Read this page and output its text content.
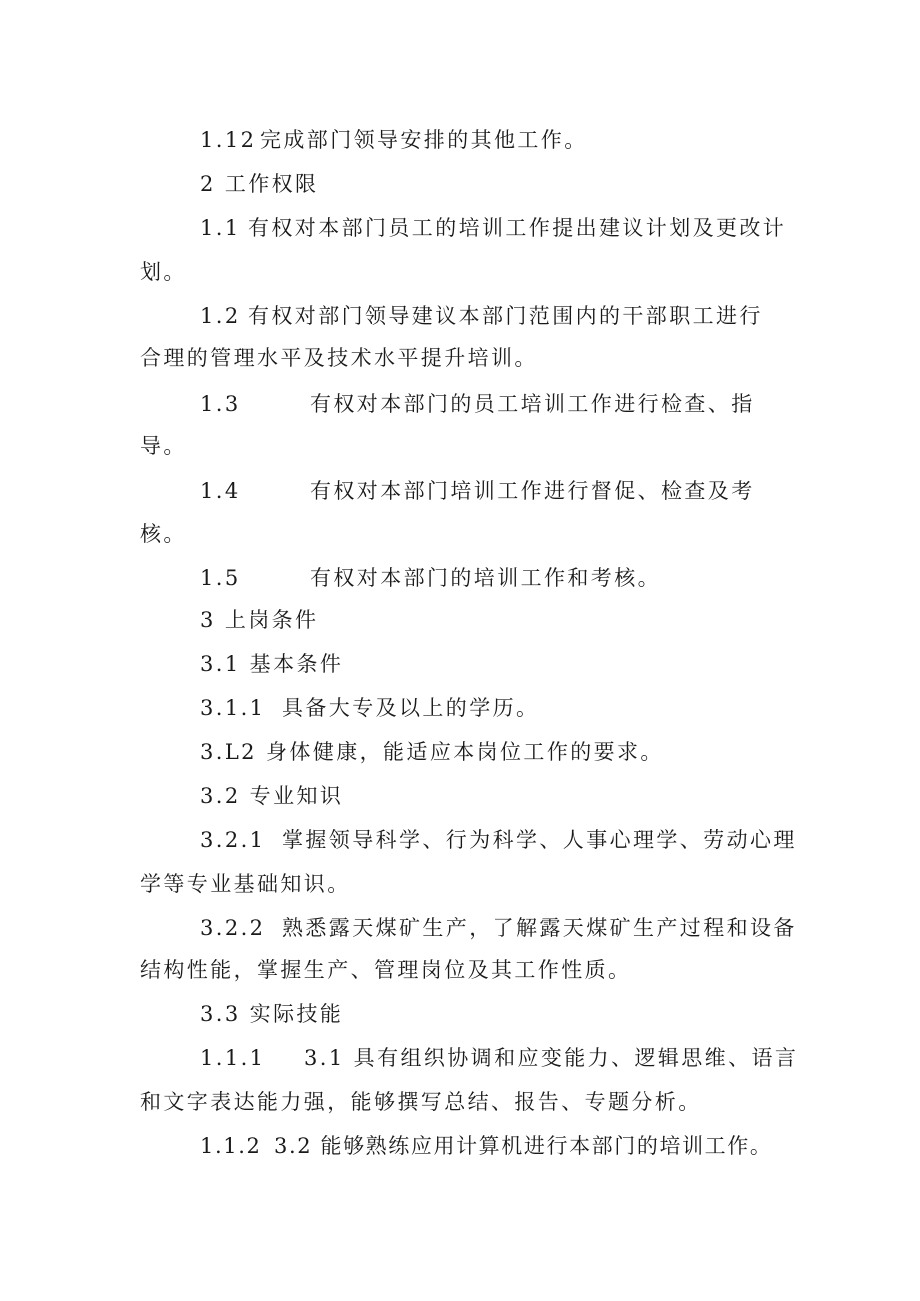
1.12 完成部门领导安排的其他工作。
2 工作权限
1.1 有权对本部门员工的培训工作提出建议计划及更改计
划。
1.2 有权对部门领导建议本部门范围内的干部职工进行
合理的管理水平及技术水平提升培训。
1.3	有权对本部门的员工培训工作进行检查、指
导。
1.4	有权对本部门培训工作进行督促、检查及考
核。
1.5	有权对本部门的培训工作和考核。
3 上岗条件
3.1 基本条件
3.1.1 具备大专及以上的学历。
3.L2 身体健康，能适应本岗位工作的要求。
3.2 专业知识
3.2.1 掌握领导科学、行为科学、人事心理学、劳动心理
学等专业基础知识。
3.2.2 熟悉露天煤矿生产，了解露天煤矿生产过程和设备
结构性能，掌握生产、管理岗位及其工作性质。
3.3 实际技能
1.1.1 3.1 具有组织协调和应变能力、逻辑思维、语言
和文字表达能力强，能够撰写总结、报告、专题分析。
1.1.2 3.2 能够熟练应用计算机进行本部门的培训工作。
